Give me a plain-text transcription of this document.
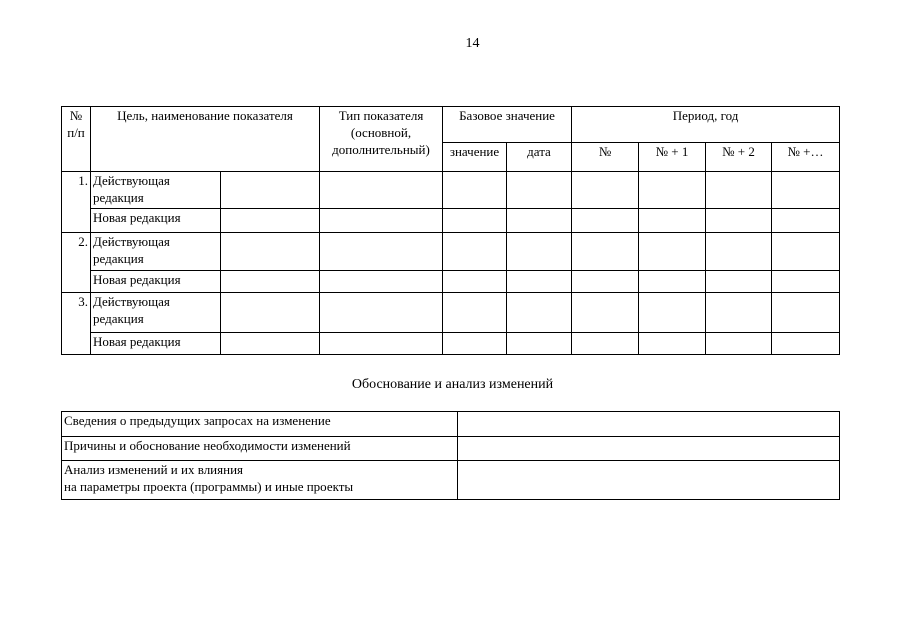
14
№ п/п	Цель, наименование показателя		Тип показателя (основной, дополнительный)	Базовое значение		Период, год			
				значение	дата	№	№ + 1	№ + 2	№ +…
1.	Действующая редакция								
	Новая редакция								
2.	Действующая редакция								
	Новая редакция								
3.	Действующая редакция								
	Новая редакция								
Обоснование и анализ изменений
Сведения о предыдущих запросах на изменение	
Причины и обоснование необходимости изменений	

Анализ изменений и их влияния
на параметры проекта (программы) и иные проекты	
